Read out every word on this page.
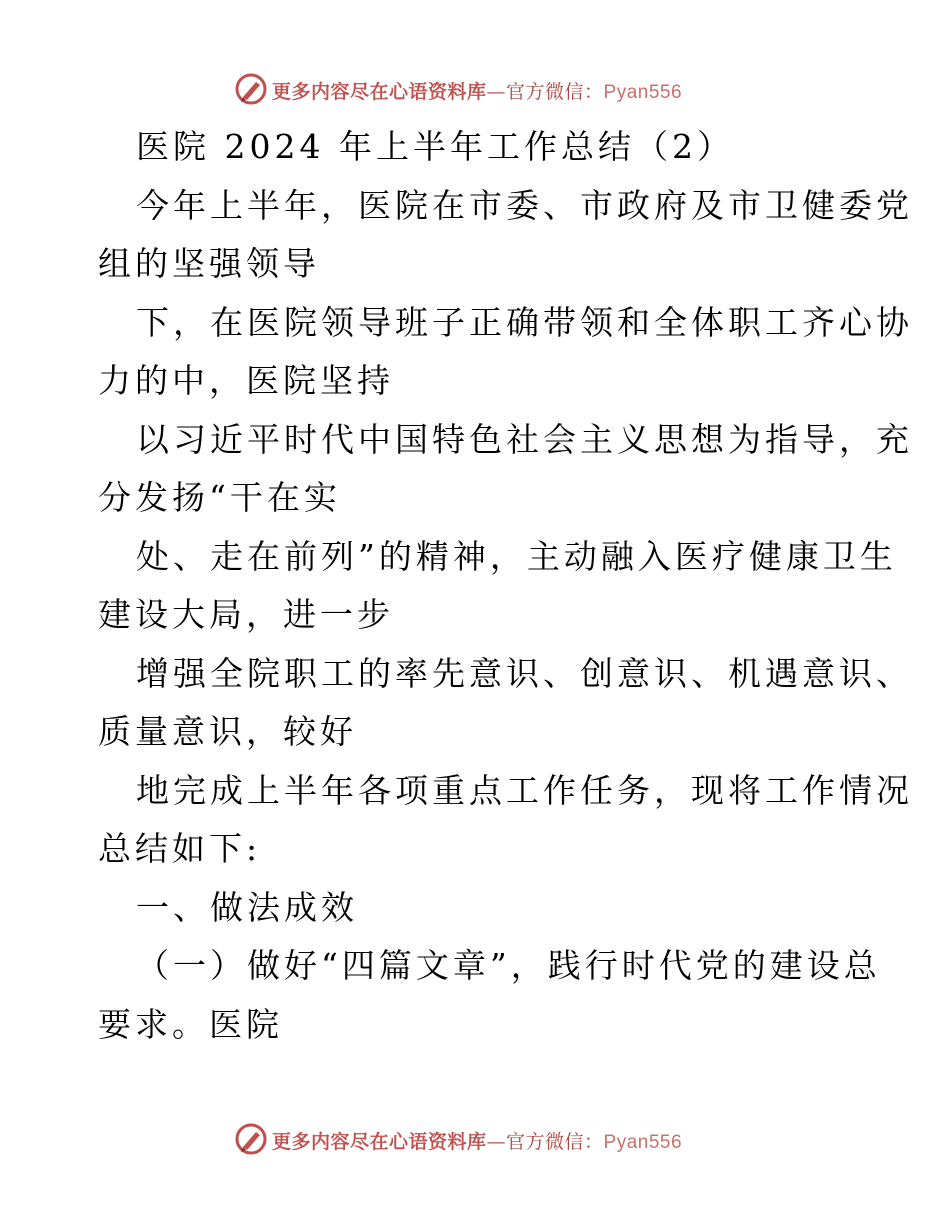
更多内容尽在心语资料库—官方微信：Pyan556
医院 2024 年上半年工作总结（2）
今年上半年，医院在市委、市政府及市卫健委党
组的坚强领导
下，在医院领导班子正确带领和全体职工齐心协
力的中，医院坚持
以习近平时代中国特色社会主义思想为指导，充
分发扬“干在实
处、走在前列”的精神，主动融入医疗健康卫生
建设大局，进一步
增强全院职工的率先意识、创意识、机遇意识、
质量意识，较好
地完成上半年各项重点工作任务，现将工作情况
总结如下:
一、做法成效
（一）做好“四篇文章”，践行时代党的建设总
要求。医院
更多内容尽在心语资料库—官方微信：Pyan556
